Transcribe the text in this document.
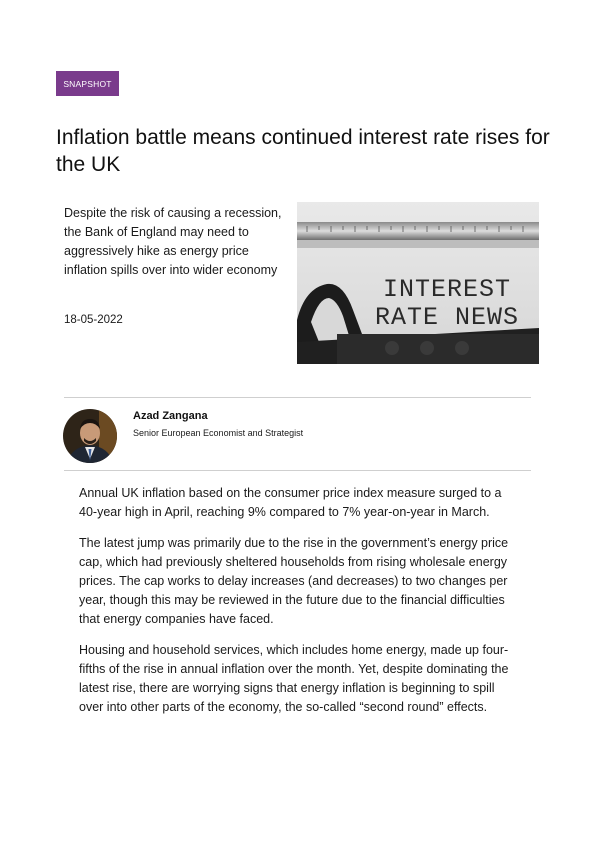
SNAPSHOT
Inflation battle means continued interest rate rises for the UK
Despite the risk of causing a recession, the Bank of England may need to aggressively hike as energy price inflation spills over into wider economy
18-05-2022
INTEREST
RATE NEWS
Azad Zangana
Senior European Economist and Strategist

Annual UK inflation based on the consumer price index measure surged to a 40-year high in April, reaching 9% compared to 7% year-on-year in March.

The latest jump was primarily due to the rise in the government’s energy price cap, which had previously sheltered households from rising wholesale energy prices. The cap works to delay increases (and decreases) to two changes per year, though this may be reviewed in the future due to the financial difficulties that energy companies have faced.

Housing and household services, which includes home energy, made up four-fifths of the rise in annual inflation over the month. Yet, despite dominating the latest rise, there are worrying signs that energy inflation is beginning to spill over into other parts of the economy, the so-called “second round” effects.
